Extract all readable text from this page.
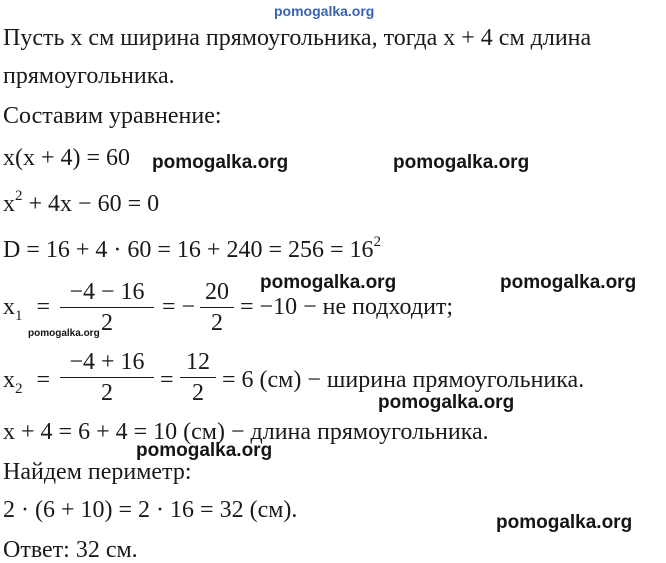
pomogalka.org
Пусть x см ширина прямоугольника, тогда x + 4 см длина
прямоугольника.
Составим уравнение:
x(x + 4) = 60
$x^2 + 4x - 60 = 0$
$D = 16 + 4 \cdot 60 = 16 + 240 = 256 = 16^2$
$x_1$ =
−4 − 16
2
= −
20
2
= −10 − не подходит;
$x_2$ =
−4 + 16
2	=
12
2 = 6 (см) − ширина прямоугольника.
x + 4 = 6 + 4 = 10 (см) − длина прямоугольника.
Найдем периметр:
2 · (6 + 10) = 2 · 16 = 32 (см).
Ответ: 32 см.
pomogalka.org	pomogalka.org
pomogalka.org	pomogalka.org
pomogalka.org
pomogalka.org
pomogalka.org
pomogalka.org
